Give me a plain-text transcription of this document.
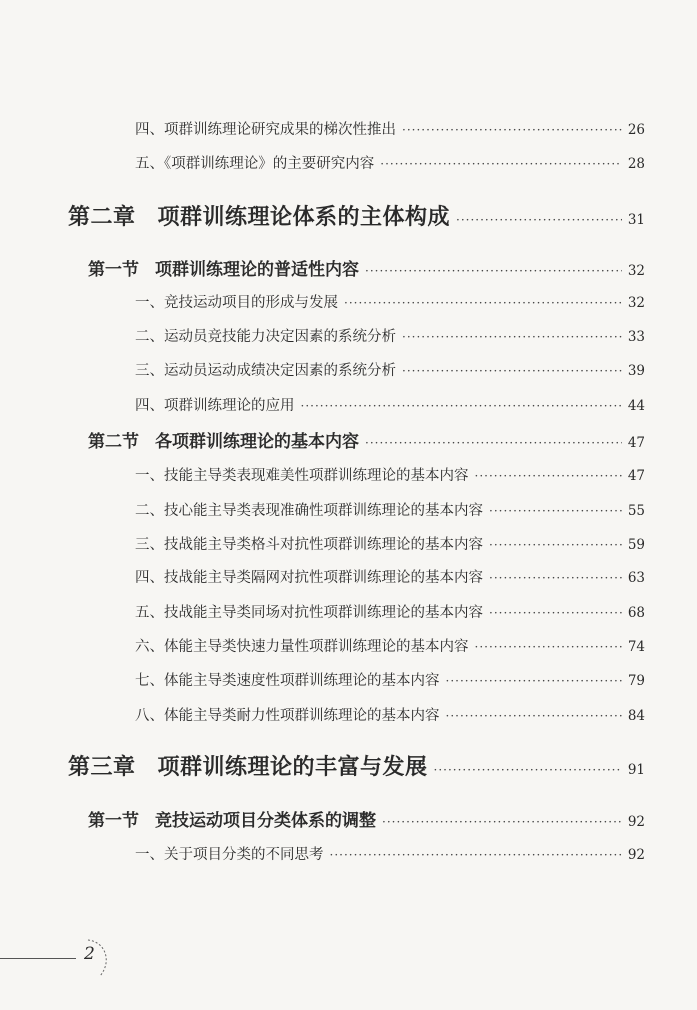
四、项群训练理论研究成果的梯次性推出 ·····	26
五、《项群训练理论》的主要研究内容 ·····	28
第二章 项群训练理论体系的主体构成 ·····	31
第一节 项群训练理论的普适性内容 ·····	32
一、竞技运动项目的形成与发展 ·····	32
二、运动员竞技能力决定因素的系统分析 ·····	33
三、运动员运动成绩决定因素的系统分析 ·····	39
四、项群训练理论的应用 ·····	44
第二节 各项群训练理论的基本内容 ·····	47
一、技能主导类表现难美性项群训练理论的基本内容 ·····	47
二、技心能主导类表现准确性项群训练理论的基本内容 ·····	55
三、技战能主导类格斗对抗性项群训练理论的基本内容 ·····	59
四、技战能主导类隔网对抗性项群训练理论的基本内容 ·····	63
五、技战能主导类同场对抗性项群训练理论的基本内容 ·····	68
六、体能主导类快速力量性项群训练理论的基本内容 ·····	74
七、体能主导类速度性项群训练理论的基本内容 ·····	79
八、体能主导类耐力性项群训练理论的基本内容 ·····	84
第三章 项群训练理论的丰富与发展 ·····	91
第一节 竞技运动项目分类体系的调整 ·····	92
一、关于项目分类的不同思考 ·····	92
2
